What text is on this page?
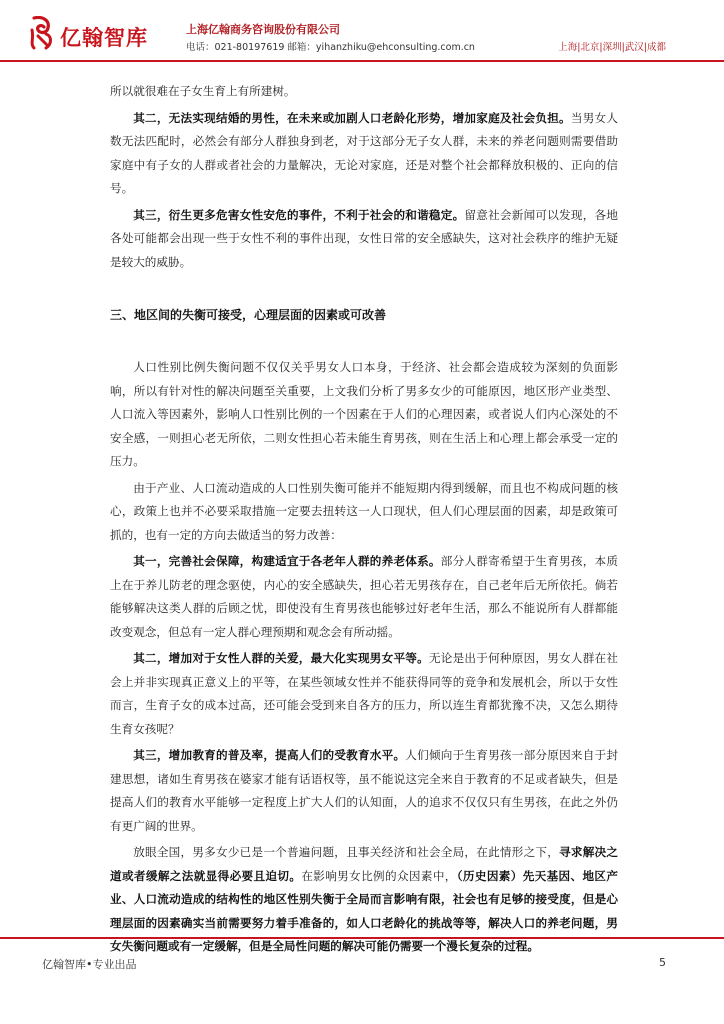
亿翰智库	上海亿翰商务咨询股份有限公司
电话：021-80197619 邮箱：yihanzhiku@ehconsulting.com.cn	上海|北京|深圳|武汉|成都

所以就很难在子女生育上有所建树。

其二，无法实现结婚的男性，在未来或加剧人口老龄化形势，增加家庭及社会负担。当男女人数无法匹配时，必然会有部分人群独身到老，对于这部分无子女人群，未来的养老问题则需要借助家庭中有子女的人群或者社会的力量解决，无论对家庭，还是对整个社会都释放积极的、正向的信号。

其三，衍生更多危害女性安危的事件，不利于社会的和谐稳定。留意社会新闻可以发现，各地各处可能都会出现一些于女性不利的事件出现，女性日常的安全感缺失，这对社会秩序的维护无疑是较大的威胁。

三、地区间的失衡可接受，心理层面的因素或可改善

人口性别比例失衡问题不仅仅关乎男女人口本身，于经济、社会都会造成较为深刻的负面影响，所以有针对性的解决问题至关重要，上文我们分析了男多女少的可能原因，地区形产业类型、人口流入等因素外，影响人口性别比例的一个因素在于人们的心理因素，或者说人们内心深处的不安全感，一则担心老无所依，二则女性担心若未能生育男孩，则在生活上和心理上都会承受一定的压力。

由于产业、人口流动造成的人口性别失衡可能并不能短期内得到缓解，而且也不构成问题的核心，政策上也并不必要采取措施一定要去扭转这一人口现状，但人们心理层面的因素，却是政策可抓的，也有一定的方向去做适当的努力改善：

其一，完善社会保障，构建适宜于各老年人群的养老体系。部分人群寄希望于生育男孩，本质上在于养儿防老的理念驱使，内心的安全感缺失，担心若无男孩存在，自己老年后无所依托。倘若能够解决这类人群的后顾之忧，即使没有生育男孩也能够过好老年生活，那么不能说所有人群都能改变观念，但总有一定人群心理预期和观念会有所动摇。

其二，增加对于女性人群的关爱，最大化实现男女平等。无论是出于何种原因，男女人群在社会上并非实现真正意义上的平等，在某些领域女性并不能获得同等的竞争和发展机会，所以于女性而言，生育子女的成本过高，还可能会受到来自各方的压力，所以连生育都犹豫不决，又怎么期待生育女孩呢？

其三，增加教育的普及率，提高人们的受教育水平。人们倾向于生育男孩一部分原因来自于封建思想，诸如生育男孩在婆家才能有话语权等，虽不能说这完全来自于教育的不足或者缺失，但是提高人们的教育水平能够一定程度上扩大人们的认知面，人的追求不仅仅只有生男孩，在此之外仍有更广阔的世界。

放眼全国，男多女少已是一个普遍问题，且事关经济和社会全局，在此情形之下，寻求解决之道或者缓解之法就显得必要且迫切。在影响男女比例的众因素中，（历史因素）先天基因、地区产业、人口流动造成的结构性的地区性别失衡于全局而言影响有限，社会也有足够的接受度，但是心理层面的因素确实当前需要努力着手准备的，如人口老龄化的挑战等等，解决人口的养老问题，男女失衡问题或有一定缓解，但是全局性问题的解决可能仍需要一个漫长复杂的过程。

亿翰智库•专业出品	5
